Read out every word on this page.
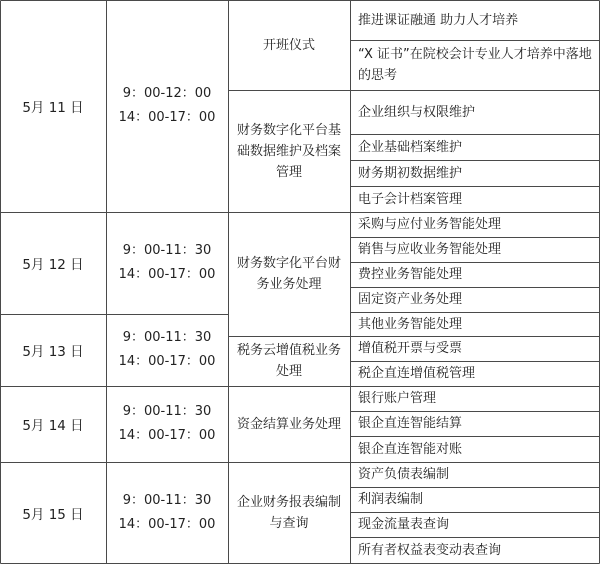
5月 11 日
9：00-12：00
14：00-17：00
开班仪式
财务数字化平台基础数据维护及档案管理
推进课证融通 助力人才培养
“X 证书”在院校会计专业人才培养中落地的思考
企业组织与权限维护
企业基础档案维护
财务期初数据维护
电子会计档案管理
5月 12 日
9：00-11：30
14：00-17：00
财务数字化平台财务业务处理
采购与应付业务智能处理
销售与应收业务智能处理
费控业务智能处理
固定资产业务处理
其他业务智能处理
5月 13 日
9：00-11：30
14：00-17：00
税务云增值税业务处理
增值税开票与受票
税企直连增值税管理
5月 14 日
9：00-11：30
14：00-17：00
资金结算业务处理
银行账户管理
银企直连智能结算
银企直连智能对账
5月 15 日
9：00-11：30
14：00-17：00
企业财务报表编制与查询
资产负债表编制
利润表编制
现金流量表查询
所有者权益表变动表查询
